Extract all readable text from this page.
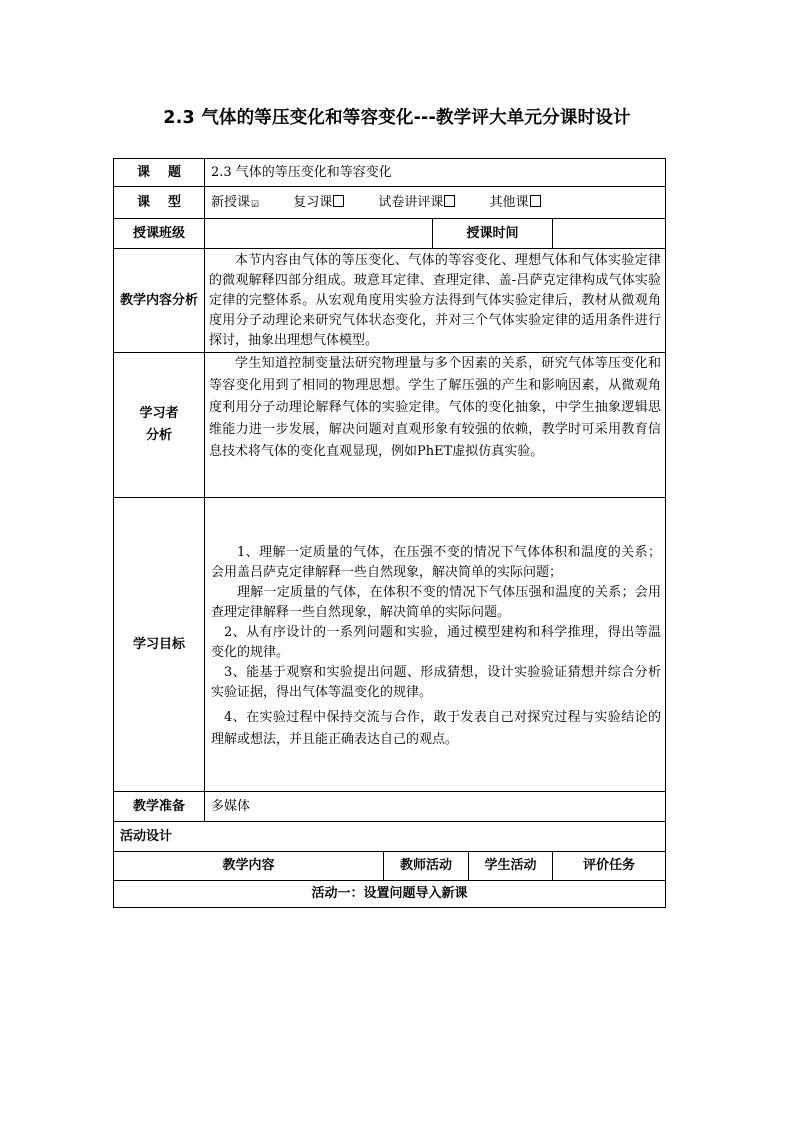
2.3 气体的等压变化和等容变化---教学评大单元分课时设计
课题	2.3 气体的等压变化和等容变化				
课型	新授课☑ 复习课 试卷讲评课 其他课				
授课班级			授课时间		
教学内容分析	本节内容由气体的等压变化、气体的等容变化、理想气体和气体实验定律的微观解释四部分组成。玻意耳定律、查理定律、盖-吕萨克定律构成气体实验定律的完整体系。从宏观角度用实验方法得到气体实验定律后，教材从微观角度用分子动理论来研究气体状态变化，并对三个气体实验定律的适用条件进行探讨，抽象出理想气体模型。				

学习者
分析	学生知道控制变量法研究物理量与多个因素的关系，研究气体等压变化和等容变化用到了相同的物理思想。学生了解压强的产生和影响因素，从微观角度利用分子动理论解释气体的实验定律。气体的变化抽象，中学生抽象逻辑思维能力进一步发展，解决问题对直观形象有较强的依赖，教学时可采用教育信息技术将气体的变化直观显现，例如PhET虚拟仿真实验。				
学习目标	1、理解一定质量的气体，在压强不变的情况下气体体积和温度的关系；会用盖吕萨克定律解释一些自然现象，解决简单的实际问题；

理解一定质量的气体，在体积不变的情况下气体压强和温度的关系；会用查理定律解释一些自然现象，解决简单的实际问题。

2、从有序设计的一系列问题和实验，通过模型建构和科学推理，得出等温变化的规律。

3、能基于观察和实验提出问题、形成猜想，设计实验验证猜想并综合分析实验证据，得出气体等温变化的规律。

4、在实验过程中保持交流与合作，敢于发表自己对探究过程与实验结论的理解或想法，并且能正确表达自己的观点。				

教学准备	多媒体				
活动设计					
教学内容		教师活动		学生活动	评价任务
活动一：设置问题导入新课					
